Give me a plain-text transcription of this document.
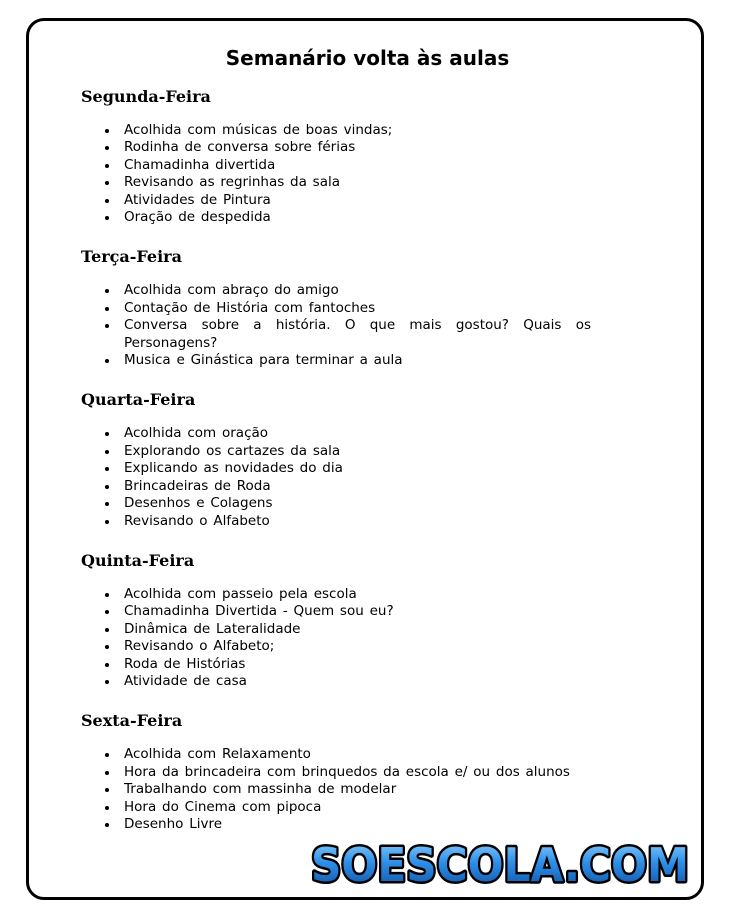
Semanário volta às aulas
Segunda-Feira
Acolhida com músicas de boas vindas;
Rodinha de conversa sobre férias
Chamadinha divertida
Revisando as regrinhas da sala
Atividades de Pintura
Oração de despedida
Terça-Feira
Acolhida com abraço do amigo
Contação de História com fantoches
Conversa sobre a história. O que mais gostou? Quais os Personagens?
Musica e Ginástica para terminar a aula
Quarta-Feira
Acolhida com oração
Explorando os cartazes da sala
Explicando as novidades do dia
Brincadeiras de Roda
Desenhos e Colagens
Revisando o Alfabeto
Quinta-Feira
Acolhida com passeio pela escola
Chamadinha Divertida - Quem sou eu?
Dinâmica de Lateralidade
Revisando o Alfabeto;
Roda de Histórias
Atividade de casa
Sexta-Feira
Acolhida com Relaxamento
Hora da brincadeira com brinquedos da escola e/ ou dos alunos
Trabalhando com massinha de modelar
Hora do Cinema com pipoca
Desenho Livre
SOESCOLA.COM
